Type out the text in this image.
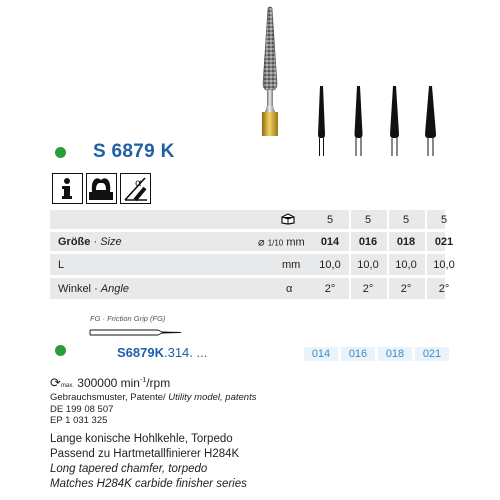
S 6879 K
α
5	5	5	5
Größe · Size	⌀ 1/10 mm	014	016	018	021
L	mm	10,0	10,0	10,0	10,0
Winkel · Angle	α	2°	2°	2°	2°
FG · Friction Grip (FG)
S6879K.314. ...	014	016	018	021
⟳max. 300000 $\min^{-1}$/rpm
Gebrauchsmuster, Patente/ Utility model, patents
DE 199 08 507
EP 1 031 325
Lange konische Hohlkehle, Torpedo
Passend zu Hartmetallfinierer H284K
Long tapered chamfer, torpedo
Matches H284K carbide finisher series
